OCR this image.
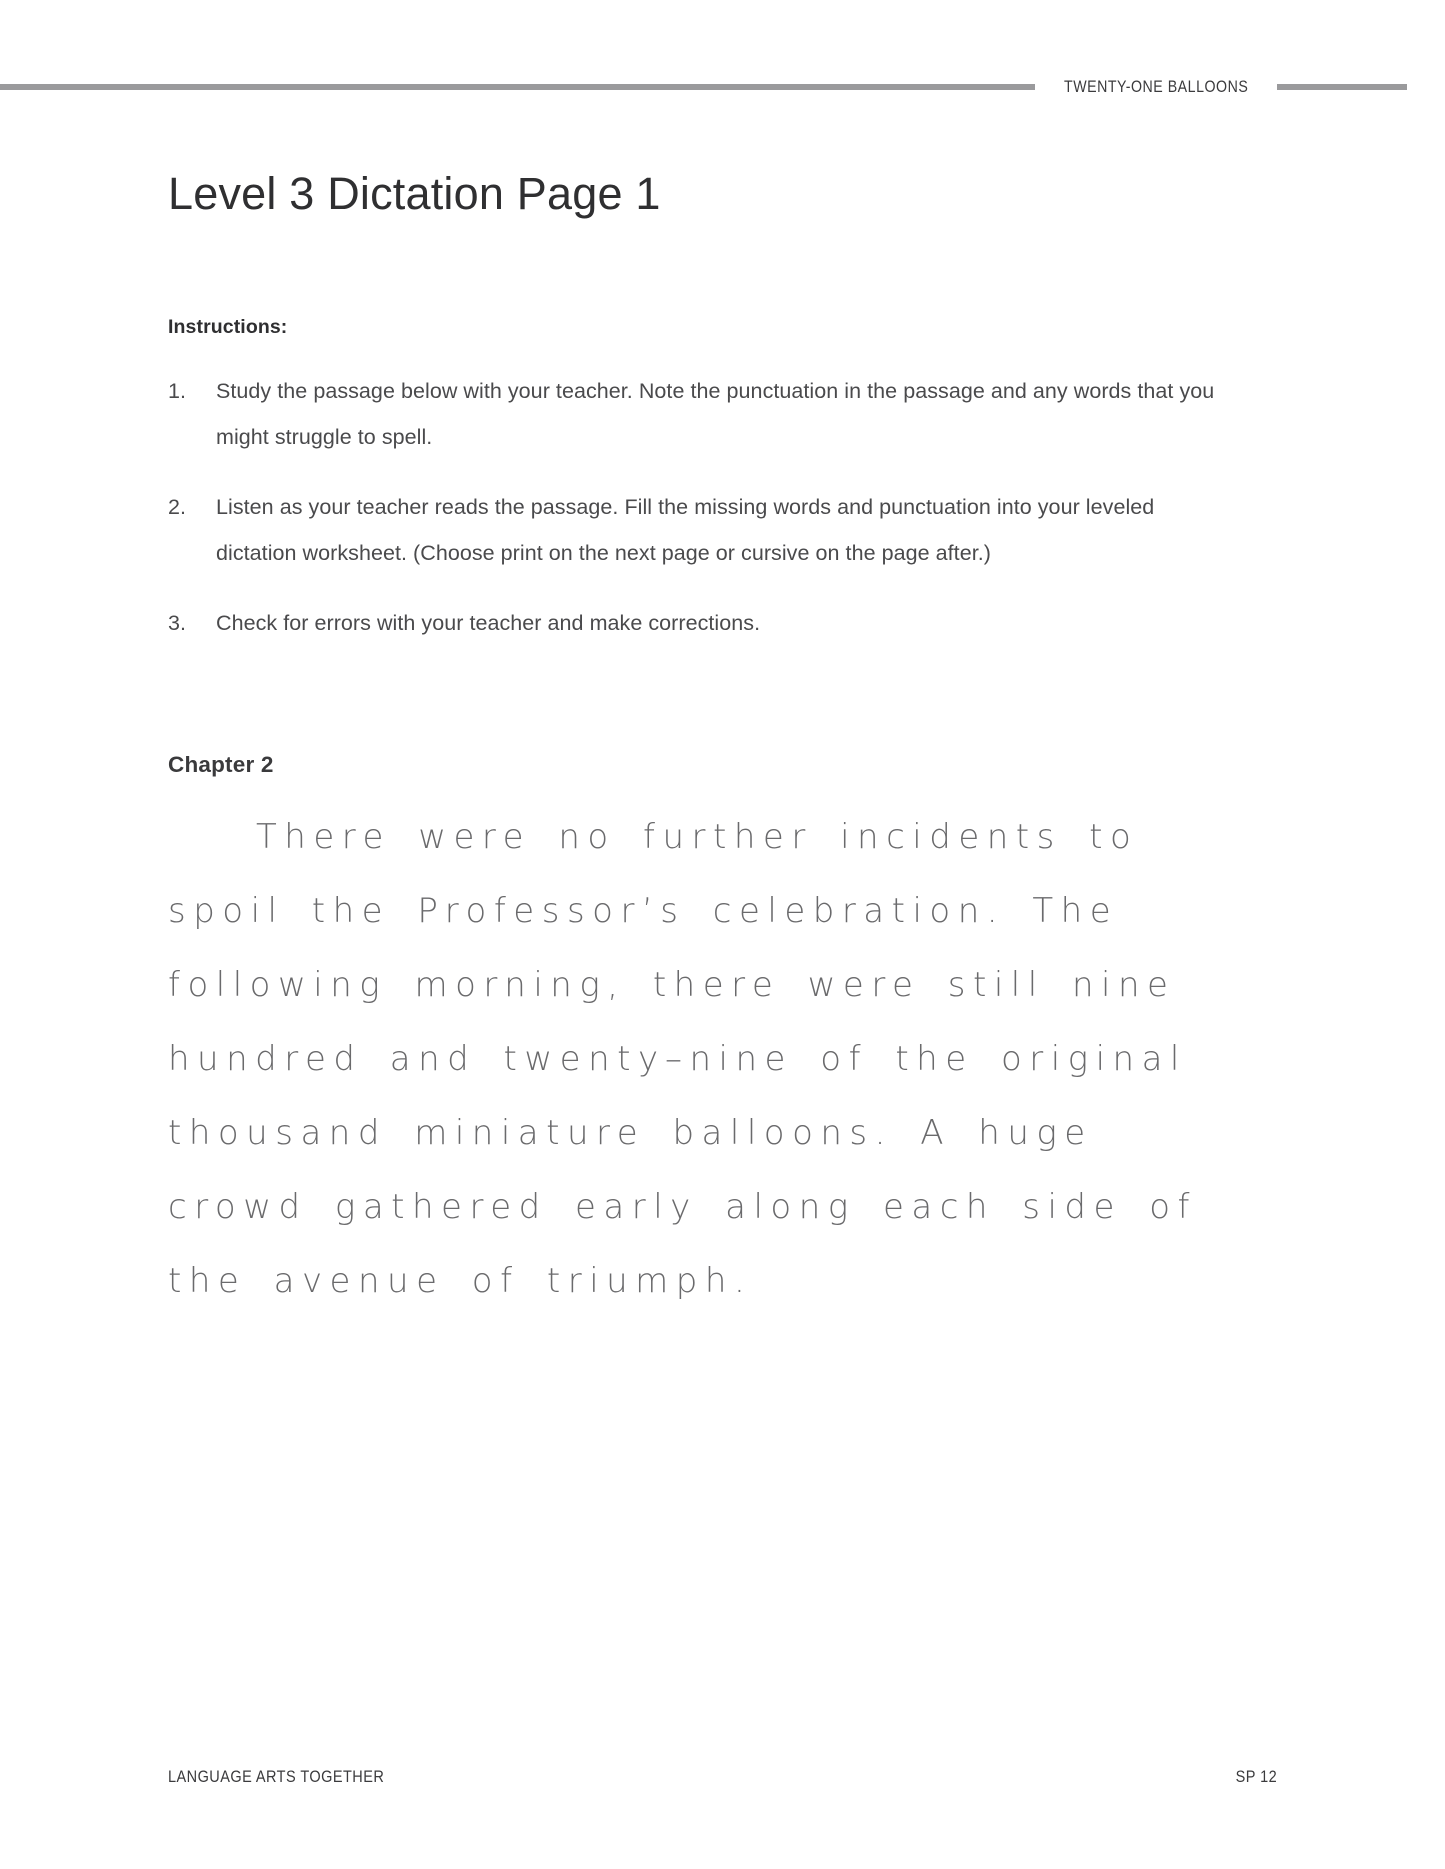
TWENTY-ONE BALLOONS
Level 3 Dictation Page 1
Instructions:
1.	Study the passage below with your teacher. Note the punctuation in the passage and any words that you might struggle to spell.
2.	Listen as your teacher reads the passage. Fill the missing words and punctuation into your leveled dictation worksheet. (Choose print on the next page or cursive on the page after.)
3.	Check for errors with your teacher and make corrections.
Chapter 2
There were no further incidents to spoil the Professor’s celebration. The following morning, there were still nine hundred and twenty–nine of the original thousand miniature balloons. A huge crowd gathered early along each side of the avenue of triumph.
LANGUAGE ARTS TOGETHER	SP 12
